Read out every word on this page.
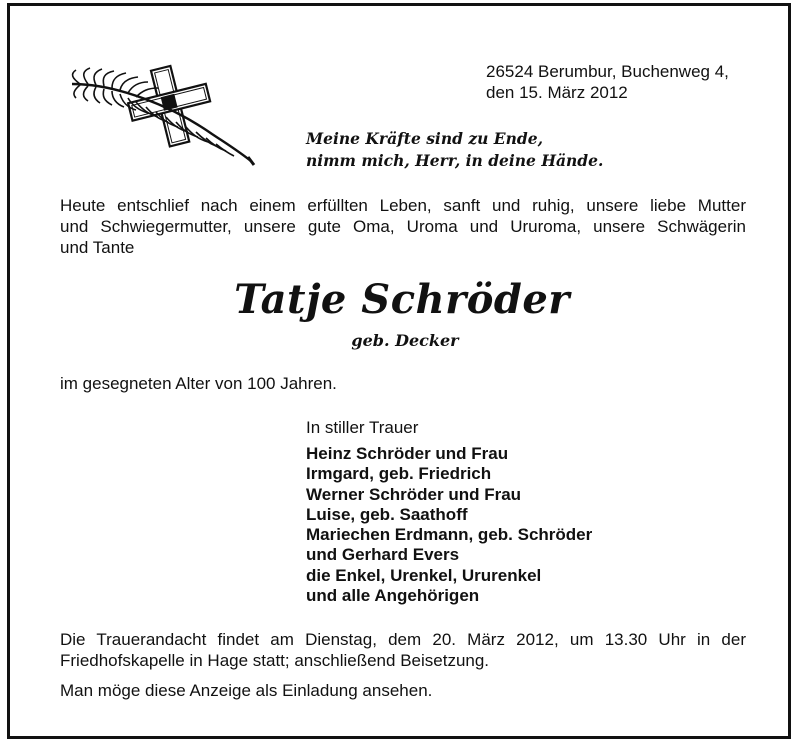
26524 Berumbur, Buchenweg 4,
den 15. März 2012
Meine Kräfte sind zu Ende,
nimm mich, Herr, in deine Hände.
Heute entschlief nach einem erfüllten Leben, sanft und ruhig, unsere liebe Mutter
und Schwiegermutter, unsere gute Oma, Uroma und Ururoma, unsere Schwägerin
und Tante
Tatje Schröder
geb. Decker
im gesegneten Alter von 100 Jahren.
In stiller Trauer
Heinz Schröder und Frau
Irmgard, geb. Friedrich
Werner Schröder und Frau
Luise, geb. Saathoff
Mariechen Erdmann, geb. Schröder
und Gerhard Evers
die Enkel, Urenkel, Ururenkel
und alle Angehörigen
Die Trauerandacht findet am Dienstag, dem 20. März 2012, um 13.30 Uhr in der
Friedhofskapelle in Hage statt; anschließend Beisetzung.
Man möge diese Anzeige als Einladung ansehen.
